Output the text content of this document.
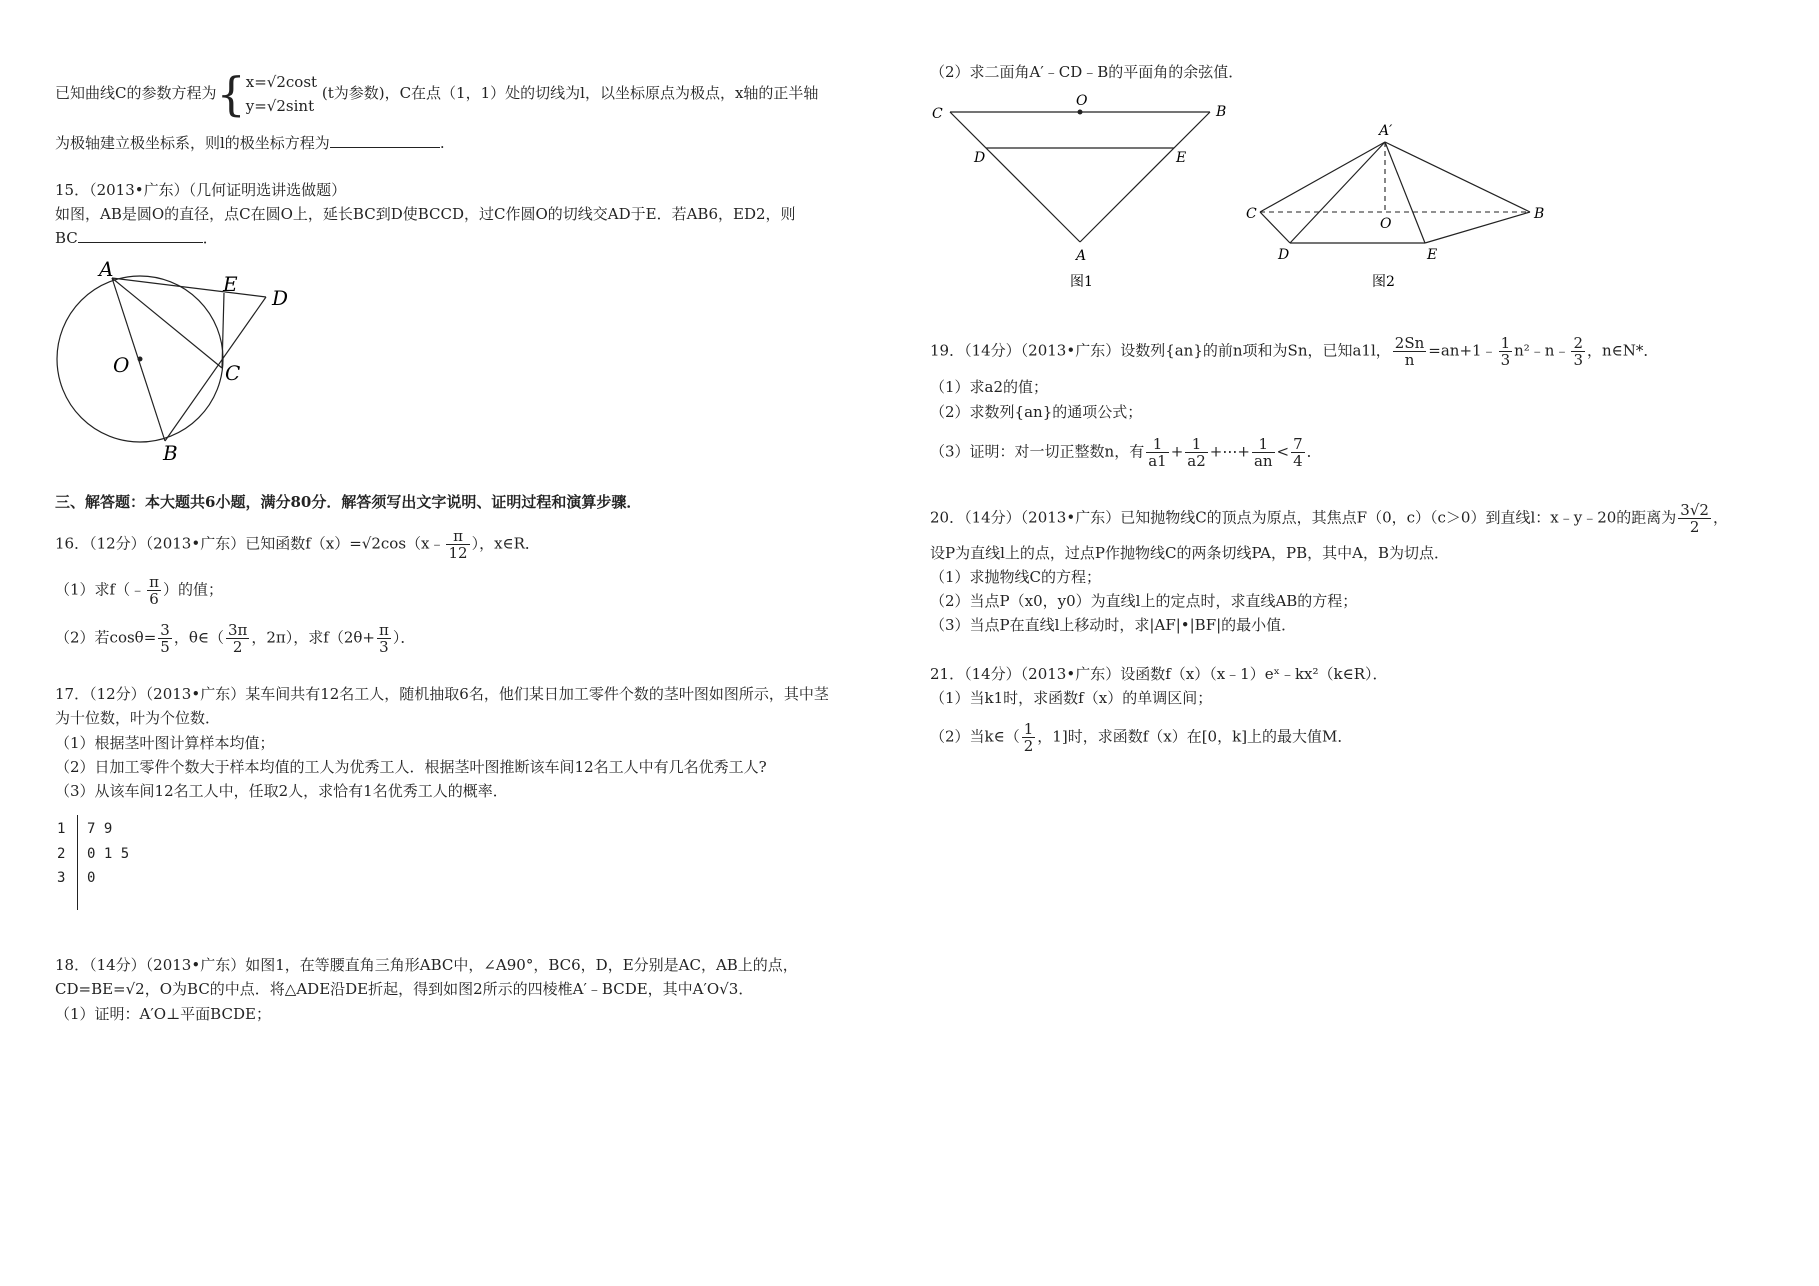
已知曲线C的参数方程为{x=√2cost
y=√2sint (t为参数)，C在点（1，1）处的切线为l，以坐标原点为极点，x轴的正半轴
为极轴建立极坐标系，则l的极坐标方程为	.
15．（2013•广东）（几何证明选讲选做题）
如图，AB是圆O的直径，点C在圆O上，延长BC到D使BCCD，过C作圆O的切线交AD于E．若AB6，ED2，则
BC	．
A
E
D
O	C
B
三、解答题：本大题共6小题，满分80分．解答须写出文字说明、证明过程和演算步骤．
16．（12分）（2013•广东）已知函数f（x）=√2cos（x﹣ $\frac{\pi}{12}$ ），x∈R．
（1）求f（﹣ $\frac{\pi}{6}$ ）的值；
（2）若$\cos\theta= \frac{3}{5}$ ，θ∈（ $\frac{3\pi}{2}$ ，2π），求$f(2\theta+ \frac{\pi}{3}$ ）．
17．（12分）（2013•广东）某车间共有12名工人，随机抽取6名，他们某日加工零件个数的茎叶图如图所示，其中茎
为十位数，叶为个位数．
（1）根据茎叶图计算样本均值；
（2）日加工零件个数大于样本均值的工人为优秀工人．根据茎叶图推断该车间12名工人中有几名优秀工人?
（3）从该车间12名工人中，任取2人，求恰有1名优秀工人的概率．
1 7 9
2 0 1 5
3 0
18．（14分）（2013•广东）如图1，在等腰直角三角形ABC中，∠A90°，BC6，D，E分别是AC，AB上的点，
CD=BE=√2，O为BC的中点．将△ADE沿DE折起，得到如图2所示的四棱椎A′﹣BCDE，其中A′O√3．
（1）证明：A′O⊥平面BCDE；
（2）求二面角A′﹣CD﹣B的平面角的余弦值．
C
O
B
D	E
A
图1
A′
C
O
B
D	E
图2
19．（14分）（2013•广东）设数列{an}的前n项和为Sn，已知a1l， $\frac{2Sn}{n}$ =an+1﹣ $\frac{1}{3}$ n²﹣n﹣ $\frac{2}{3}$ ，n∈N*．
（1）求a2的值；
（2）求数列{an}的通项公式；
（3）证明：对一切正整数n，有 $\frac{1}{a1} + \frac{1}{a2}$ +⋯+ $\frac{1}{an} < \frac{7}{4}$ ．
20．（14分）（2013•广东）已知抛物线C的顶点为原点，其焦点F（0，c）（c＞0）到直线l：x﹣y﹣20的距离为 $\frac{3√2}{2}$ ，
设P为直线l上的点，过点P作抛物线C的两条切线PA，PB，其中A，B为切点．
（1）求抛物线C的方程；
（2）当点P（x0，y0）为直线l上的定点时，求直线AB的方程；
（3）当点P在直线l上移动时，求|AF|•|BF|的最小值．
21．（14分）（2013•广东）设函数f（x）（x﹣1）eˣ﹣kx²（k∈R）．
（1）当k1时，求函数f（x）的单调区间；
（2）当k∈（ $\frac{1}{2}$ ，1]时，求函数f（x）在[0，k]上的最大值M．
